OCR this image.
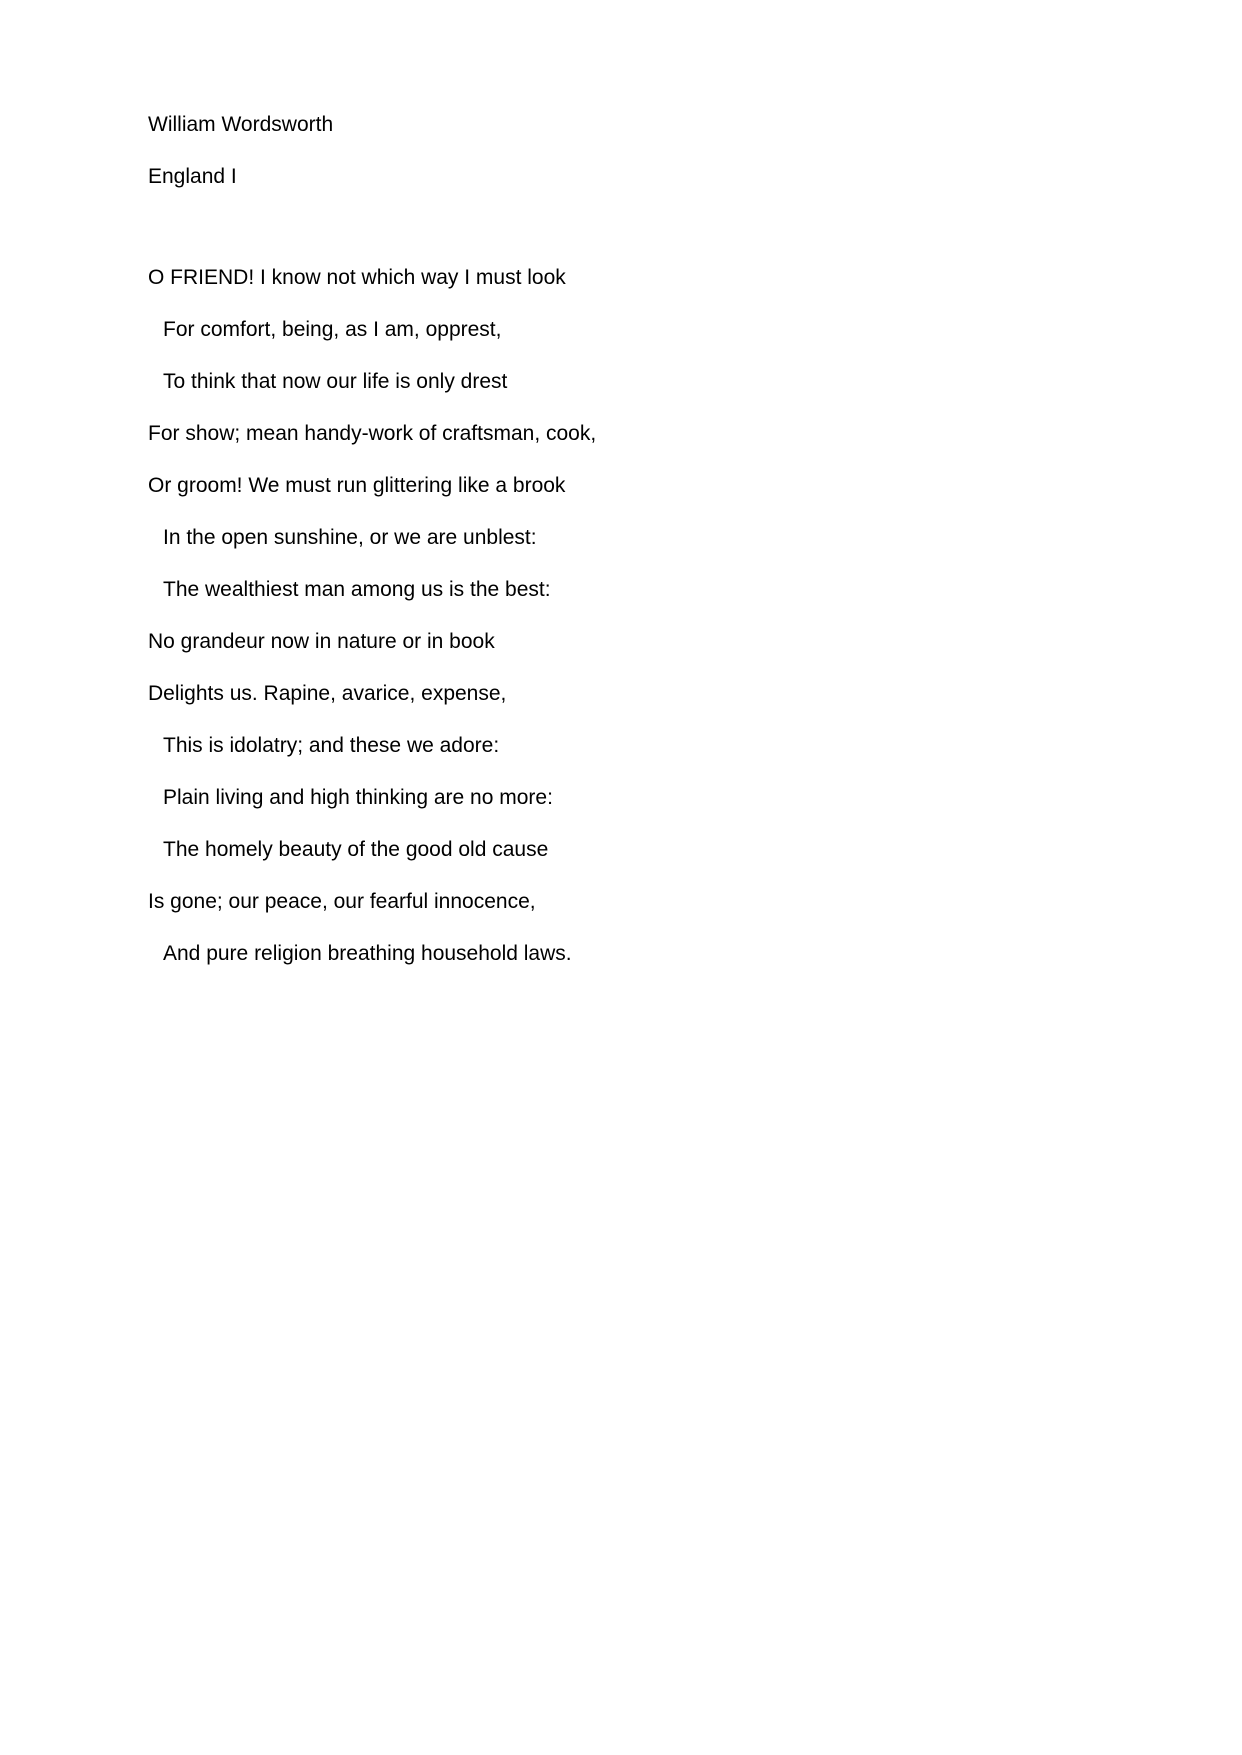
William Wordsworth
England I
O FRIEND! I know not which way I must look
For comfort, being, as I am, opprest,
To think that now our life is only drest
For show; mean handy-work of craftsman, cook,
Or groom! We must run glittering like a brook
In the open sunshine, or we are unblest:
The wealthiest man among us is the best:
No grandeur now in nature or in book
Delights us. Rapine, avarice, expense,
This is idolatry; and these we adore:
Plain living and high thinking are no more:
The homely beauty of the good old cause
Is gone; our peace, our fearful innocence,
And pure religion breathing household laws.
